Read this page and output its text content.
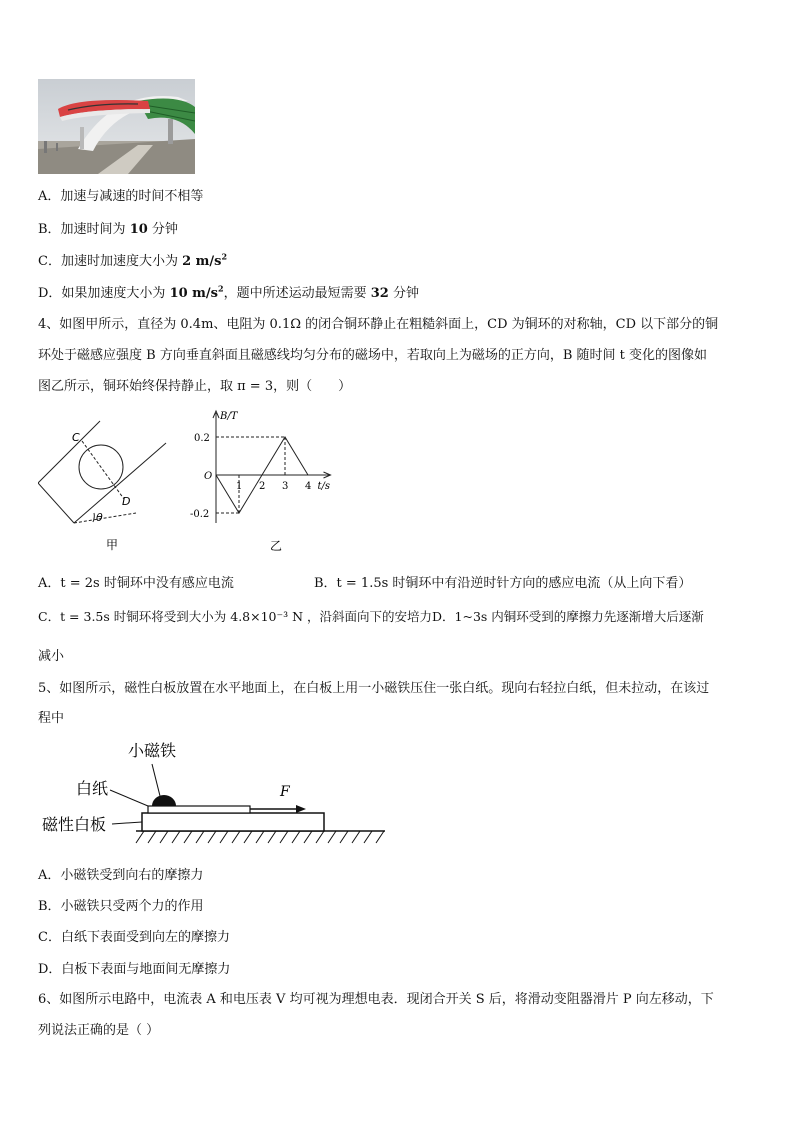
A．加速与减速的时间不相等
B．加速时间为 10 分钟
C．加速时加速度大小为 2 $m/s^2$
D．如果加速度大小为 10 $m/s^2$，题中所述运动最短需要 32 分钟
4、如图甲所示，直径为 0.4m、电阻为 0.1Ω 的闭合铜环静止在粗糙斜面上，CD 为铜环的对称轴，CD 以下部分的铜
环处于磁感应强度 B 方向垂直斜面且磁感线均匀分布的磁场中，若取向上为磁场的正方向，B 随时间 t 变化的图像如
图乙所示，铜环始终保持静止，取 π = 3，则（　　）
C
D
θ
甲
B/T
t/s
O
0.2
-0.2
1 2 3 4
乙
A．t = 2s 时铜环中没有感应电流	B．t = 1.5s 时铜环中有沿逆时针方向的感应电流（从上向下看）
C．t = 3.5s 时铜环将受到大小为 4.8×10⁻³ N ，沿斜面向下的安培力D．1~3s 内铜环受到的摩擦力先逐渐增大后逐渐
减小
5、如图所示，磁性白板放置在水平地面上，在白板上用一小磁铁压住一张白纸。现向右轻拉白纸，但未拉动，在该过
程中
F
小磁铁
白纸
磁性白板
A．小磁铁受到向右的摩擦力
B．小磁铁只受两个力的作用
C．白纸下表面受到向左的摩擦力
D．白板下表面与地面间无摩擦力
6、如图所示电路中，电流表 A 和电压表 V 均可视为理想电表．现闭合开关 S 后，将滑动变阻器滑片 P 向左移动，下
列说法正确的是（ ）
